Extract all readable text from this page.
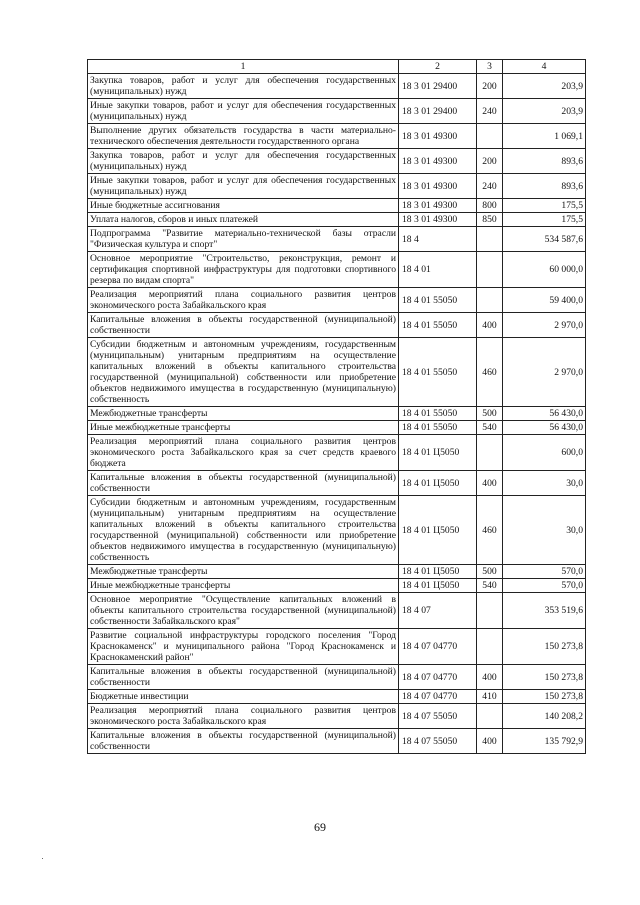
1	2	3	4
Закупка товаров, работ и услуг для обеспечения государственных (муниципальных) нужд	18 3 01 29400	200	203,9
Иные закупки товаров, работ и услуг для обеспечения государственных (муниципальных) нужд	18 3 01 29400	240	203,9
Выполнение других обязательств государства в части материально-технического обеспечения деятельности государственного органа	18 3 01 49300		1 069,1
Закупка товаров, работ и услуг для обеспечения государственных (муниципальных) нужд	18 3 01 49300	200	893,6
Иные закупки товаров, работ и услуг для обеспечения государственных (муниципальных) нужд	18 3 01 49300	240	893,6
Иные бюджетные ассигнования	18 3 01 49300	800	175,5
Уплата налогов, сборов и иных платежей	18 3 01 49300	850	175,5
Подпрограмма "Развитие материально-технической базы отрасли "Физическая культура и спорт"	18 4		534 587,6
Основное мероприятие "Строительство, реконструкция, ремонт и сертификация спортивной инфраструктуры для подготовки спортивного резерва по видам спорта"	18 4 01		60 000,0
Реализация мероприятий плана социального развития центров экономического роста Забайкальского края	18 4 01 55050		59 400,0
Капитальные вложения в объекты государственной (муниципальной) собственности	18 4 01 55050	400	2 970,0
Субсидии бюджетным и автономным учреждениям, государственным (муниципальным) унитарным предприятиям на осуществление капитальных вложений в объекты капитального строительства государственной (муниципальной) собственности или приобретение объектов недвижимого имущества в государственную (муниципальную) собственность	18 4 01 55050	460	2 970,0
Межбюджетные трансферты	18 4 01 55050	500	56 430,0
Иные межбюджетные трансферты	18 4 01 55050	540	56 430,0
Реализация мероприятий плана социального развития центров экономического роста Забайкальского края за счет средств краевого бюджета	18 4 01 Ц5050		600,0
Капитальные вложения в объекты государственной (муниципальной) собственности	18 4 01 Ц5050	400	30,0
Субсидии бюджетным и автономным учреждениям, государственным (муниципальным) унитарным предприятиям на осуществление капитальных вложений в объекты капитального строительства государственной (муниципальной) собственности или приобретение объектов недвижимого имущества в государственную (муниципальную) собственность	18 4 01 Ц5050	460	30,0
Межбюджетные трансферты	18 4 01 Ц5050	500	570,0
Иные межбюджетные трансферты	18 4 01 Ц5050	540	570,0
Основное мероприятие "Осуществление капитальных вложений в объекты капитального строительства государственной (муниципальной) собственности Забайкальского края"	18 4 07		353 519,6
Развитие социальной инфраструктуры городского поселения "Город Краснокаменск" и муниципального района "Город Краснокаменск и Краснокаменский район"	18 4 07 04770		150 273,8
Капитальные вложения в объекты государственной (муниципальной) собственности	18 4 07 04770	400	150 273,8
Бюджетные инвестиции	18 4 07 04770	410	150 273,8
Реализация мероприятий плана социального развития центров экономического роста Забайкальского края	18 4 07 55050		140 208,2
Капитальные вложения в объекты государственной (муниципальной) собственности	18 4 07 55050	400	135 792,9
69
